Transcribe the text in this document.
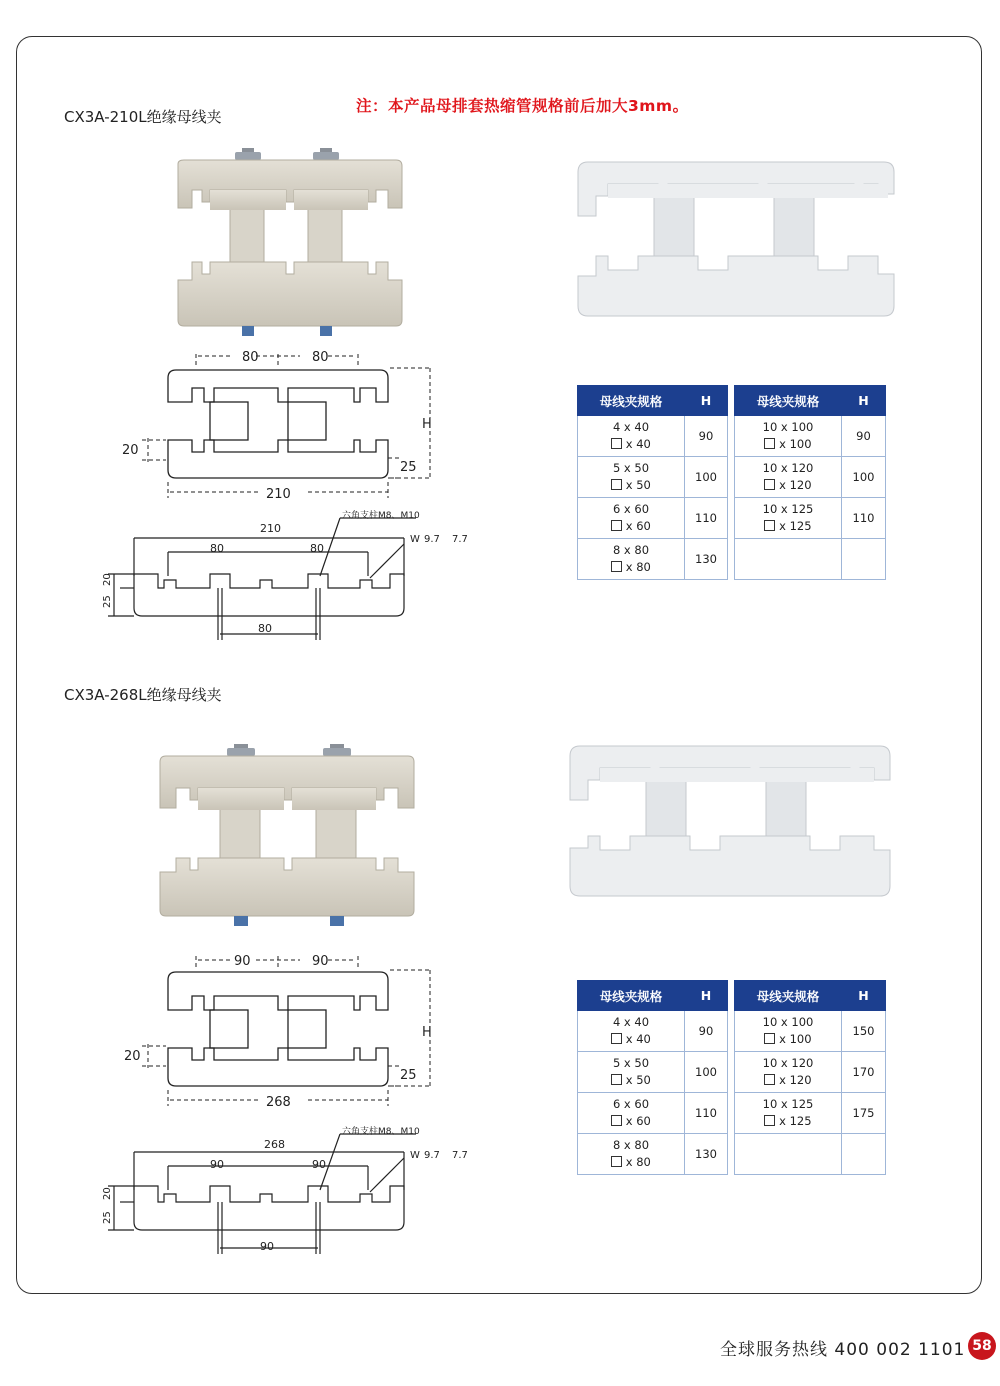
注：本产品母排套热缩管规格前后加大3mm。
CX3A-210L绝缘母线夹
80	80
210
H
20
25
210
80	80
80
六角支柱M8、M10
W 9.7 7.7
25
20
母线夹规格	H

4 x 40
x 40	90

5 x 50
x 50	100

6 x 60
x 60	110

8 x 80
x 80	130
母线夹规格	H

10 x 100
x 100	90

10 x 120
x 120	100

10 x 125
x 125	110

CX3A-268L绝缘母线夹
90	90
268
H
20
25
268
90	90
90
六角支柱M8、M10
W 9.7 7.7
25
20
母线夹规格	H

4 x 40
x 40	90

5 x 50
x 50	100

6 x 60
x 60	110

8 x 80
x 80	130
母线夹规格	H

10 x 100
x 100	150

10 x 120
x 120	170

10 x 125
x 125	175

全球服务热线 400 002 1101 58
